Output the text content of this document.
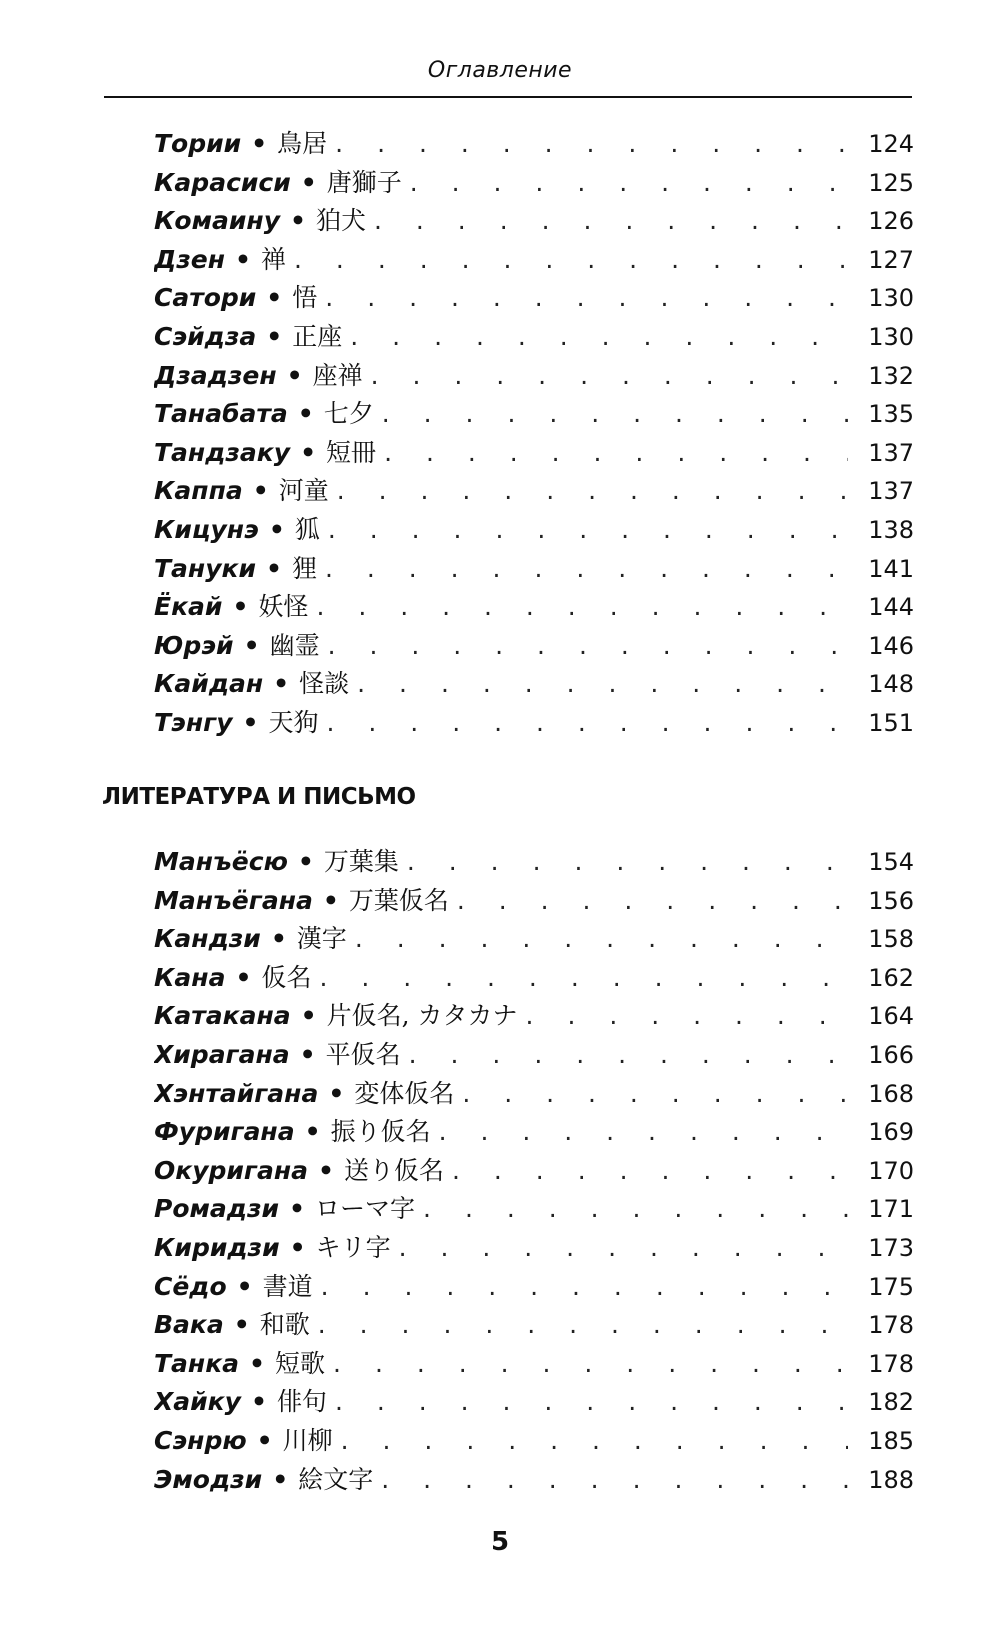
Оглавление
Тории • 鳥居 . . .	124
Карасиси • 唐獅子 . . .	125
Комаину • 狛犬 . . .	126
Дзен • 禅 . . .	127
Сатори • 悟 . . .	130
Сэйдза • 正座 . . .	130
Дзадзен • 座禅 . . .	132
Танабата • 七夕 . . .	135
Тандзаку • 短冊 . . .	137
Каппа • 河童 . . .	137
Кицунэ • 狐 . . .	138
Тануки • 狸 . . .	141
Ёкай • 妖怪 . . .	144
Юрэй • 幽霊 . . .	146
Кайдан • 怪談 . . .	148
Тэнгу • 天狗 . . .	151
ЛИТЕРАТУРА И ПИСЬМО
Манъёсю • 万葉集 . . .	154
Манъёгана • 万葉仮名 . . .	156
Кандзи • 漢字 . . .	158
Кана • 仮名 . . .	162
Катакана • 片仮名, カタカナ . . .	164
Хирагана • 平仮名 . . .	166
Хэнтайгана • 変体仮名 . . .	168
Фуригана • 振り仮名 . . .	169
Окуригана • 送り仮名 . . .	170
Ромадзи • ローマ字 . . .	171
Киридзи • キリ字 . . .	173
Сёдо • 書道 . . .	175
Вака • 和歌 . . .	178
Танка • 短歌 . . .	178
Хайку • 俳句 . . .	182
Сэнрю • 川柳 . . .	185
Эмодзи • 絵文字 . . .	188
5
